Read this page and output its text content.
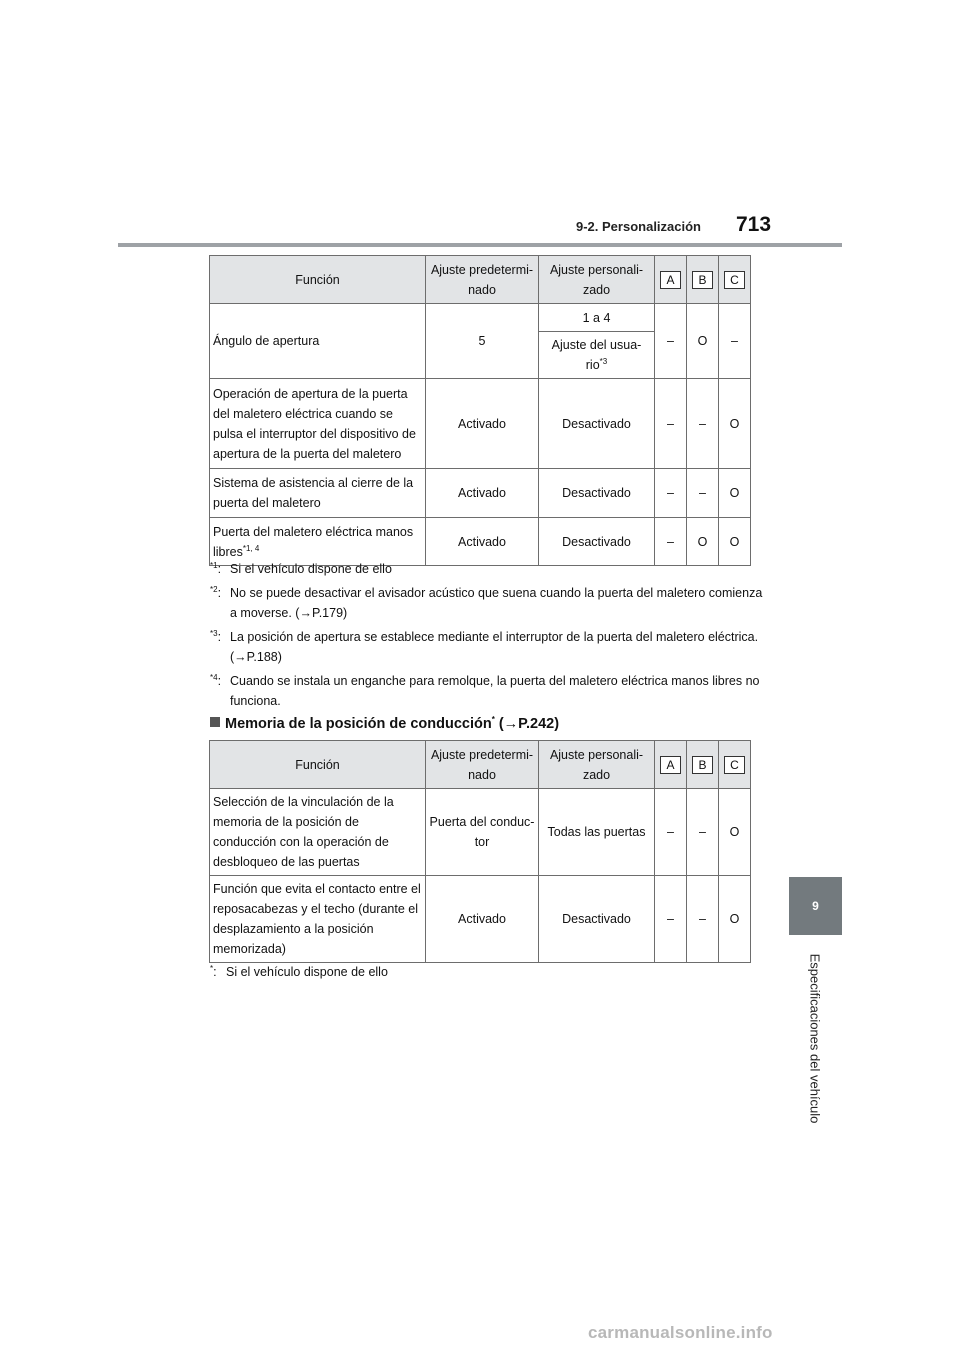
9-2. Personalización 713
9
Especificaciones del vehículo
Función	Ajuste predetermi-nado	Ajuste personali-zado	A	B	C
Ángulo de apertura	5	1 a 4	–	O	–
		Ajuste del usua-rio$^{*3}$
Operación de apertura de la puerta del maletero eléctrica cuando se pulsa el interruptor del dispositivo de apertura de la puerta del maletero	Activado	Desactivado	–	–	O
Sistema de asistencia al cierre de la puerta del maletero	Activado	Desactivado	–	–	O
Puerta del maletero eléctrica manos libres$^{*1, 4}$	Activado	Desactivado	–	O	O
$^{*1}$: Si el vehículo dispone de ello
$^{*2}$: No se puede desactivar el avisador acústico que suena cuando la puerta del maletero comienza a moverse. (→P.179)
$^{*3}$: La posición de apertura se establece mediante el interruptor de la puerta del maletero eléctrica. (→P.188)
$^{*4}$: Cuando se instala un enganche para remolque, la puerta del maletero eléctrica manos libres no funciona.
Memoria de la posición de conducción* (→P.242)
Función	Ajuste predetermi-nado	Ajuste personali-zado	A	B	C
Selección de la vinculación de la memoria de la posición de conducción con la operación de desbloqueo de las puertas	Puerta del conduc-tor	Todas las puertas	–	–	O
Función que evita el contacto entre el reposacabezas y el techo (durante el desplazamiento a la posición memorizada)	Activado	Desactivado	–	–	O
*: Si el vehículo dispone de ello
carmanualsonline.info
